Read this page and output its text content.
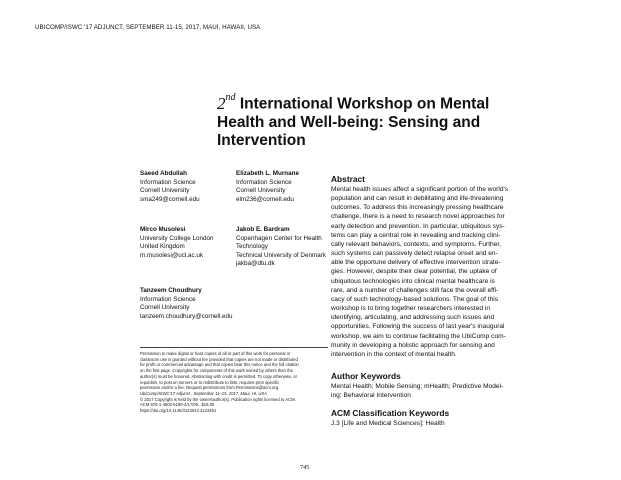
UBICOMP/ISWC '17 ADJUNCT, SEPTEMBER 11-15, 2017, MAUI, HAWAII, USA
2nd International Workshop on Mental
Health and Well-being: Sensing and
Intervention
Saeed Abdullah
Information Science
Cornell University
sma249@cornell.edu
Elizabeth L. Murnane
Information Science
Cornell University
elm236@cornell.edu
Mirco Musolesi
University College London
United Kingdom
m.musolesi@ucl.ac.uk
Jakob E. Bardram
Copenhagen Center for Health
Technology
Technical University of Denmark
jakba@dtu.dk
Tanzeem Choudhury
Information Science
Cornell University
tanzeem.choudhury@cornell.edu
Permission to make digital or hard copies of all or part of this work for personal or
classroom use is granted without fee provided that copies are not made or distributed
for profit or commercial advantage and that copies bear this notice and the full citation
on the first page. Copyrights for components of this work owned by others than the
author(s) must be honored. Abstracting with credit is permitted. To copy otherwise, or
republish, to post on servers or to redistribute to lists, requires prior specific
permission and/or a fee. Request permissions from Permissions@acm.org.
UbiComp/ISWC'17 Adjunct , September 11–15, 2017, Maui, HI, USA
© 2017 Copyright is held by the owner/author(s). Publication rights licensed to ACM.
ACM 978-1-4503-5190-4/17/09...$15.00
https://doi.org/10.1145/3123024.3124461
Abstract
Mental health issues affect a significant portion of the world's
population and can result in debilitating and life-threatening
outcomes. To address this increasingly pressing healthcare
challenge, there is a need to research novel approaches for
early detection and prevention. In particular, ubiquitous sys-
tems can play a central role in revealing and tracking clini-
cally relevant behaviors, contexts, and symptoms. Further,
such systems can passively detect relapse onset and en-
able the opportune delivery of effective intervention strate-
gies. However, despite their clear potential, the uptake of
ubiquitous technologies into clinical mental healthcare is
rare, and a number of challenges still face the overall effi-
cacy of such technology-based solutions. The goal of this
workshop is to bring together researchers interested in
identifying, articulating, and addressing such issues and
opportunities. Following the success of last year's inaugural
workshop, we aim to continue facilitating the UbiComp com-
munity in developing a holistic approach for sensing and
intervention in the context of mental health.
Author Keywords
Mental Health; Mobile Sensing; mHealth; Predictive Model-
ing; Behavioral Intervention
ACM Classification Keywords
J.3 [Life and Medical Sciences]: Health
745
